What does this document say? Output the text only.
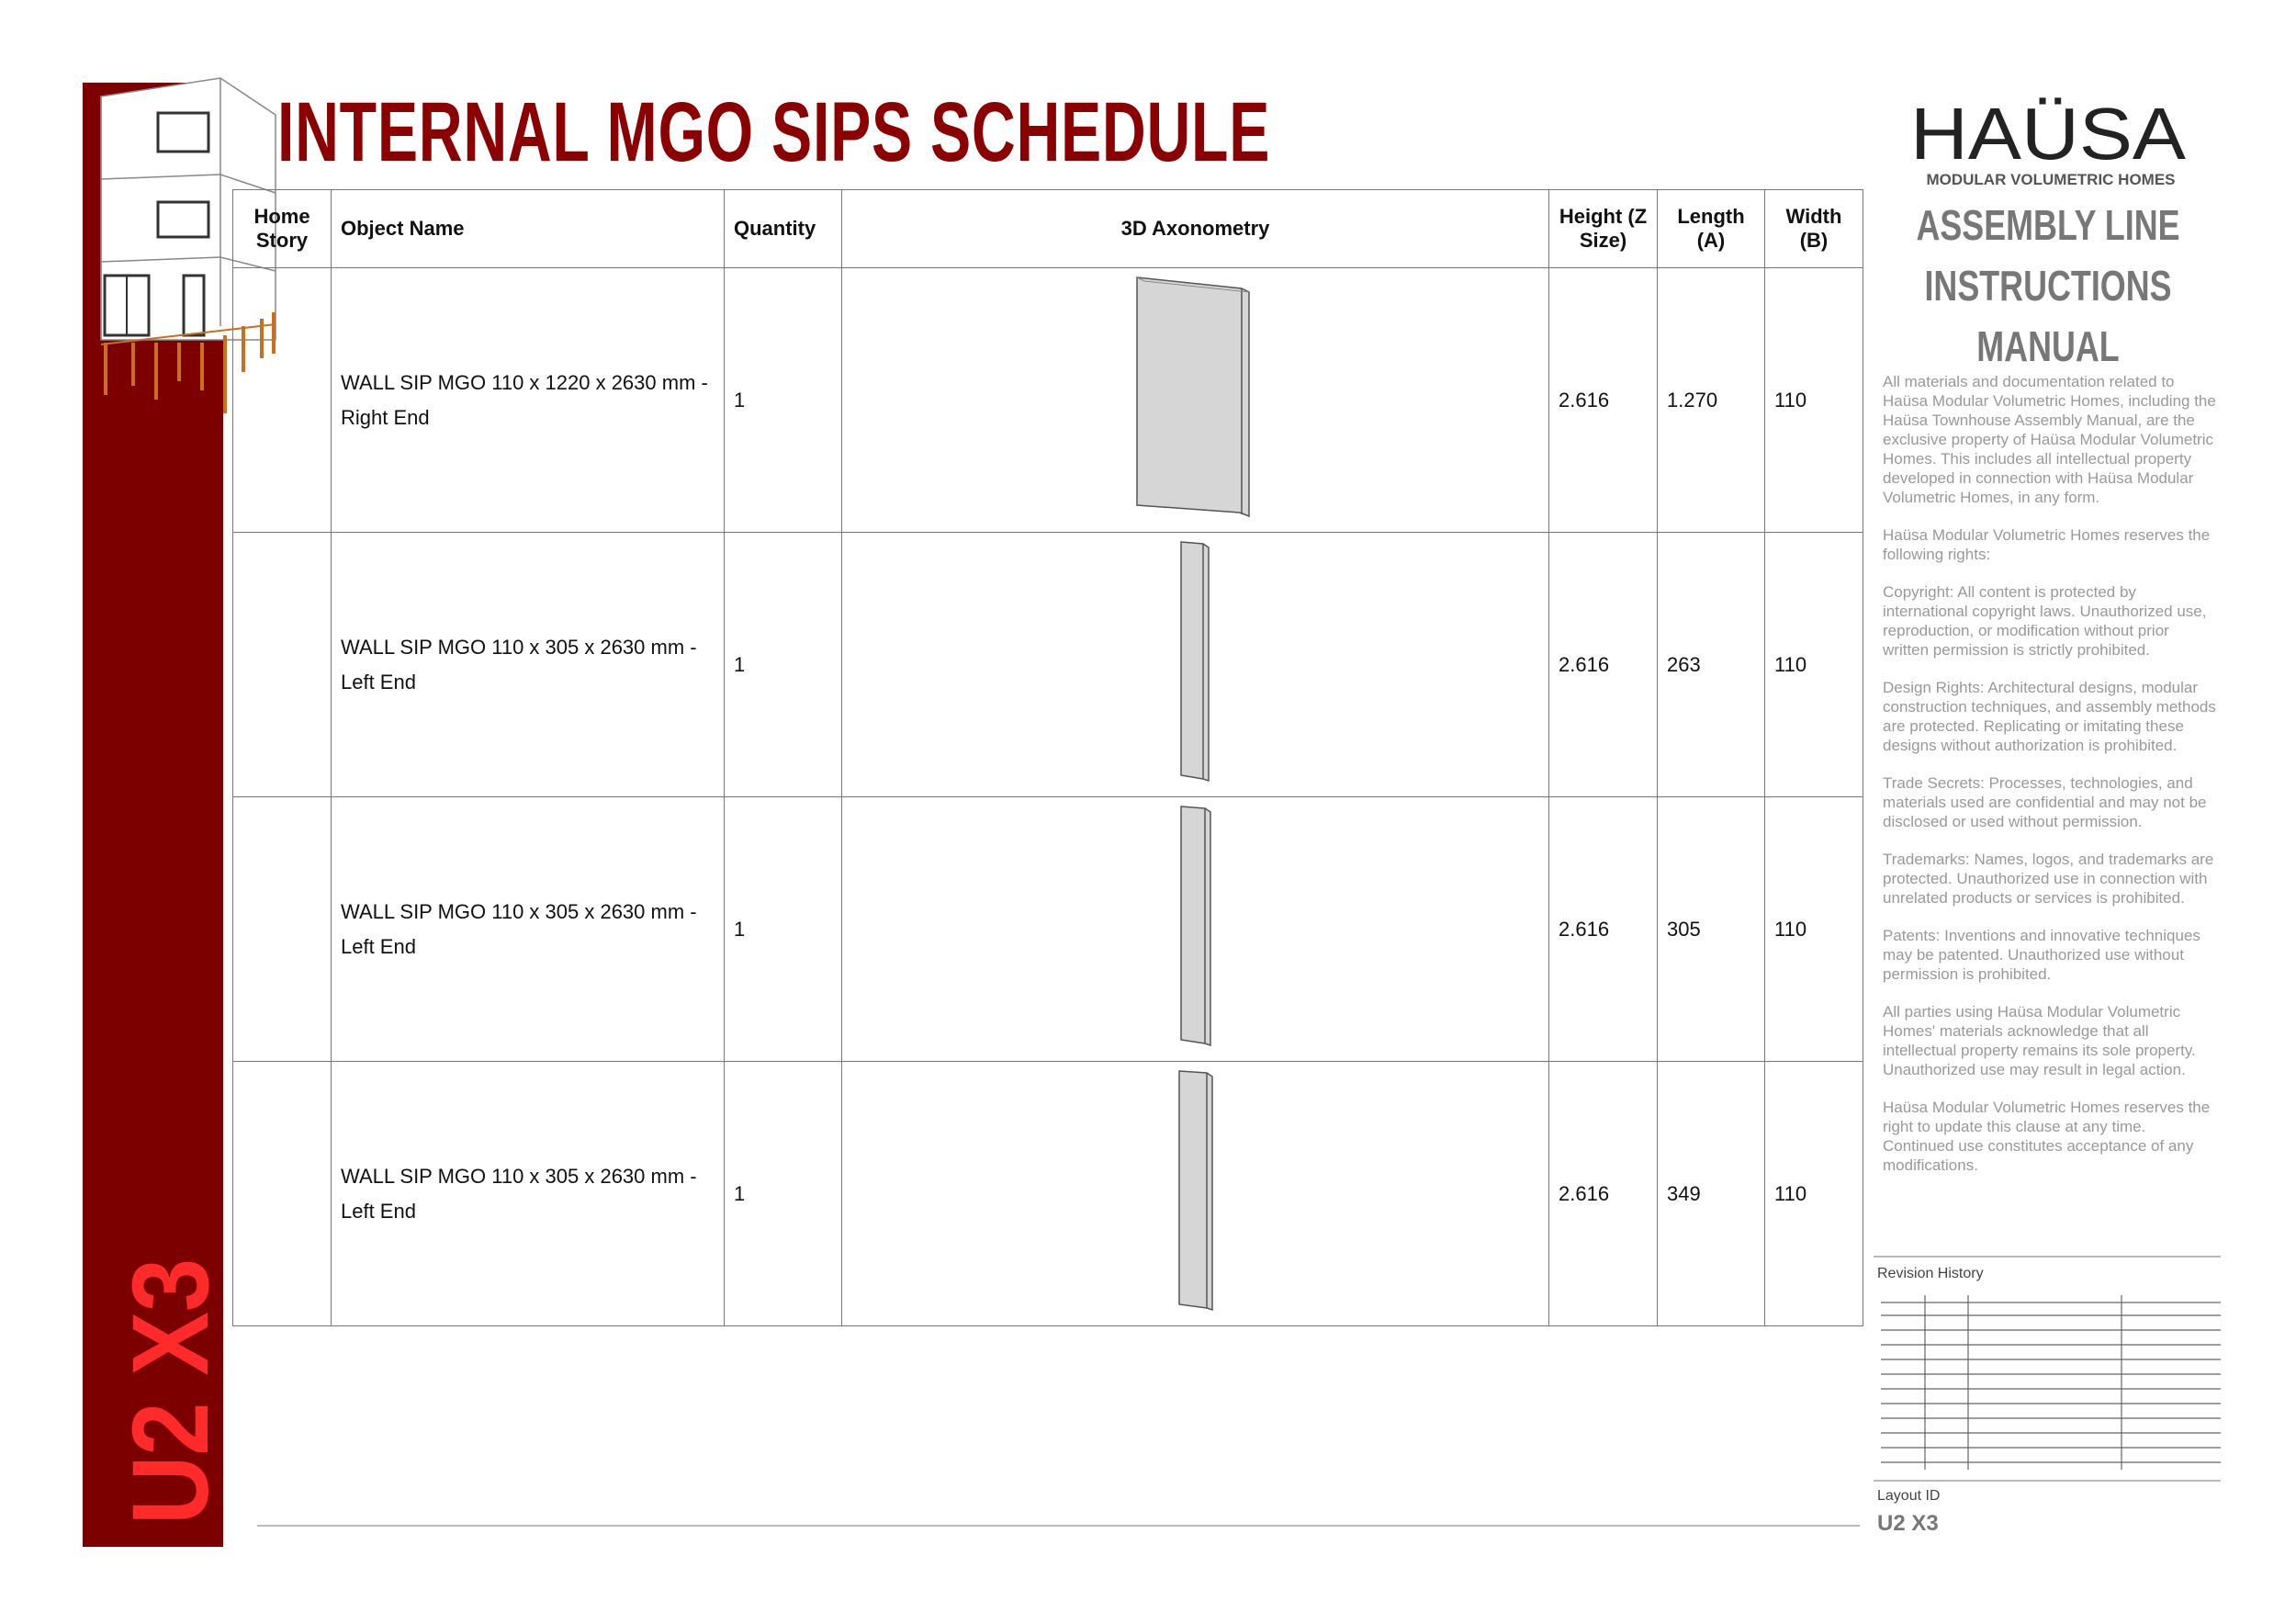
U2 X3
INTERNAL MGO SIPS SCHEDULE
Home Story	Object Name	Quantity	3D Axonometry	Height (Z Size)	Length (A)	Width (B)
	WALL SIP MGO 110 x 1220 x 2630 mm -
Right End	1		2.616	1.270	110
	WALL SIP MGO 110 x 305 x 2630 mm -
Left End	1		2.616	263	110
	WALL SIP MGO 110 x 305 x 2630 mm -
Left End	1		2.616	305	110
	WALL SIP MGO 110 x 305 x 2630 mm -
Left End	1		2.616	349	110
HAÜSA
MODULAR VOLUMETRIC HOMES
ASSEMBLY LINE
INSTRUCTIONS
MANUAL

All materials and documentation related to Haüsa Modular Volumetric Homes, including the Haüsa Townhouse Assembly Manual, are the exclusive property of Haüsa Modular Volumetric Homes. This includes all intellectual property developed in connection with Haüsa Modular Volumetric Homes, in any form.

Haüsa Modular Volumetric Homes reserves the following rights:

Copyright: All content is protected by international copyright laws. Unauthorized use, reproduction, or modification without prior written permission is strictly prohibited.

Design Rights: Architectural designs, modular construction techniques, and assembly methods are protected. Replicating or imitating these designs without authorization is prohibited.

Trade Secrets: Processes, technologies, and materials used are confidential and may not be disclosed or used without permission.

Trademarks: Names, logos, and trademarks are protected. Unauthorized use in connection with unrelated products or services is prohibited.

Patents: Inventions and innovative techniques may be patented. Unauthorized use without permission is prohibited.

All parties using Haüsa Modular Volumetric Homes' materials acknowledge that all intellectual property remains its sole property. Unauthorized use may result in legal action.

Haüsa Modular Volumetric Homes reserves the right to update this clause at any time. Continued use constitutes acceptance of any modifications.

Revision History
Layout ID
U2 X3
